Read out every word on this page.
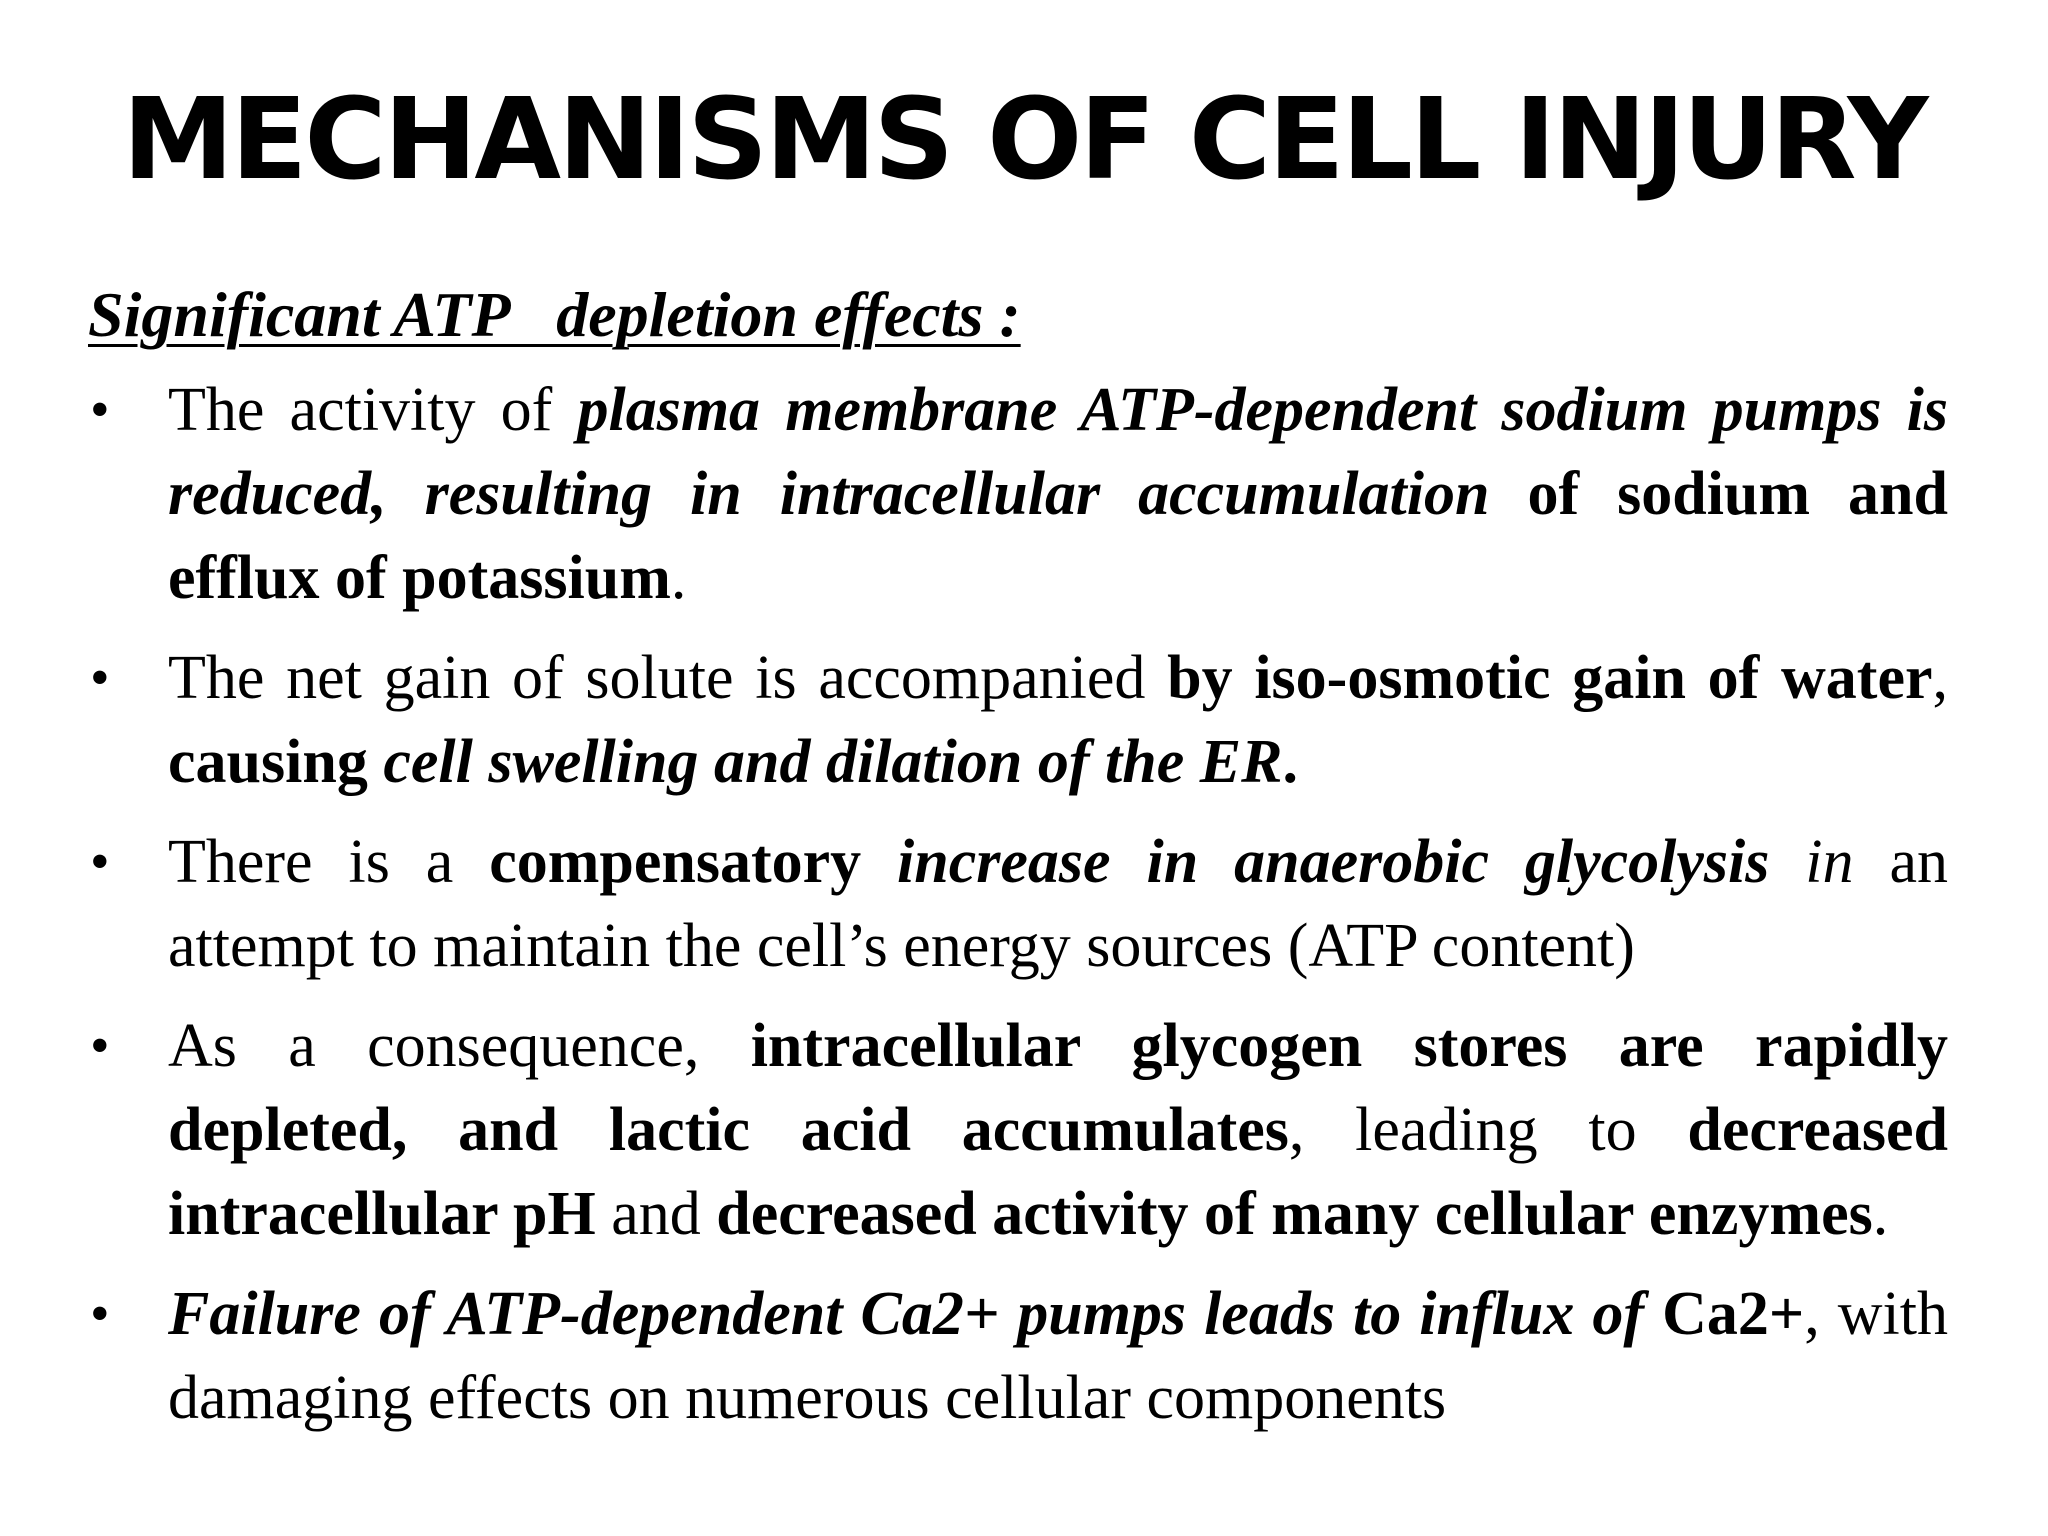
MECHANISMS OF CELL INJURY
Significant ATP   depletion effects :
• The activity of plasma membrane ATP-dependent sodium pumps is reduced, resulting in intracellular accumulation of sodium and efflux of potassium.
• The net gain of solute is accompanied by iso-osmotic gain of water, causing cell swelling and dilation of the ER.
• There is a compensatory increase in anaerobic glycolysis in an attempt to maintain the cell’s energy sources (ATP content)
• As a consequence, intracellular glycogen stores are rapidly depleted, and lactic acid accumulates, leading to decreased intracellular pH and decreased activity of many cellular enzymes.
• Failure of ATP-dependent Ca2+ pumps leads to influx of Ca2+, with damaging effects on numerous cellular components
